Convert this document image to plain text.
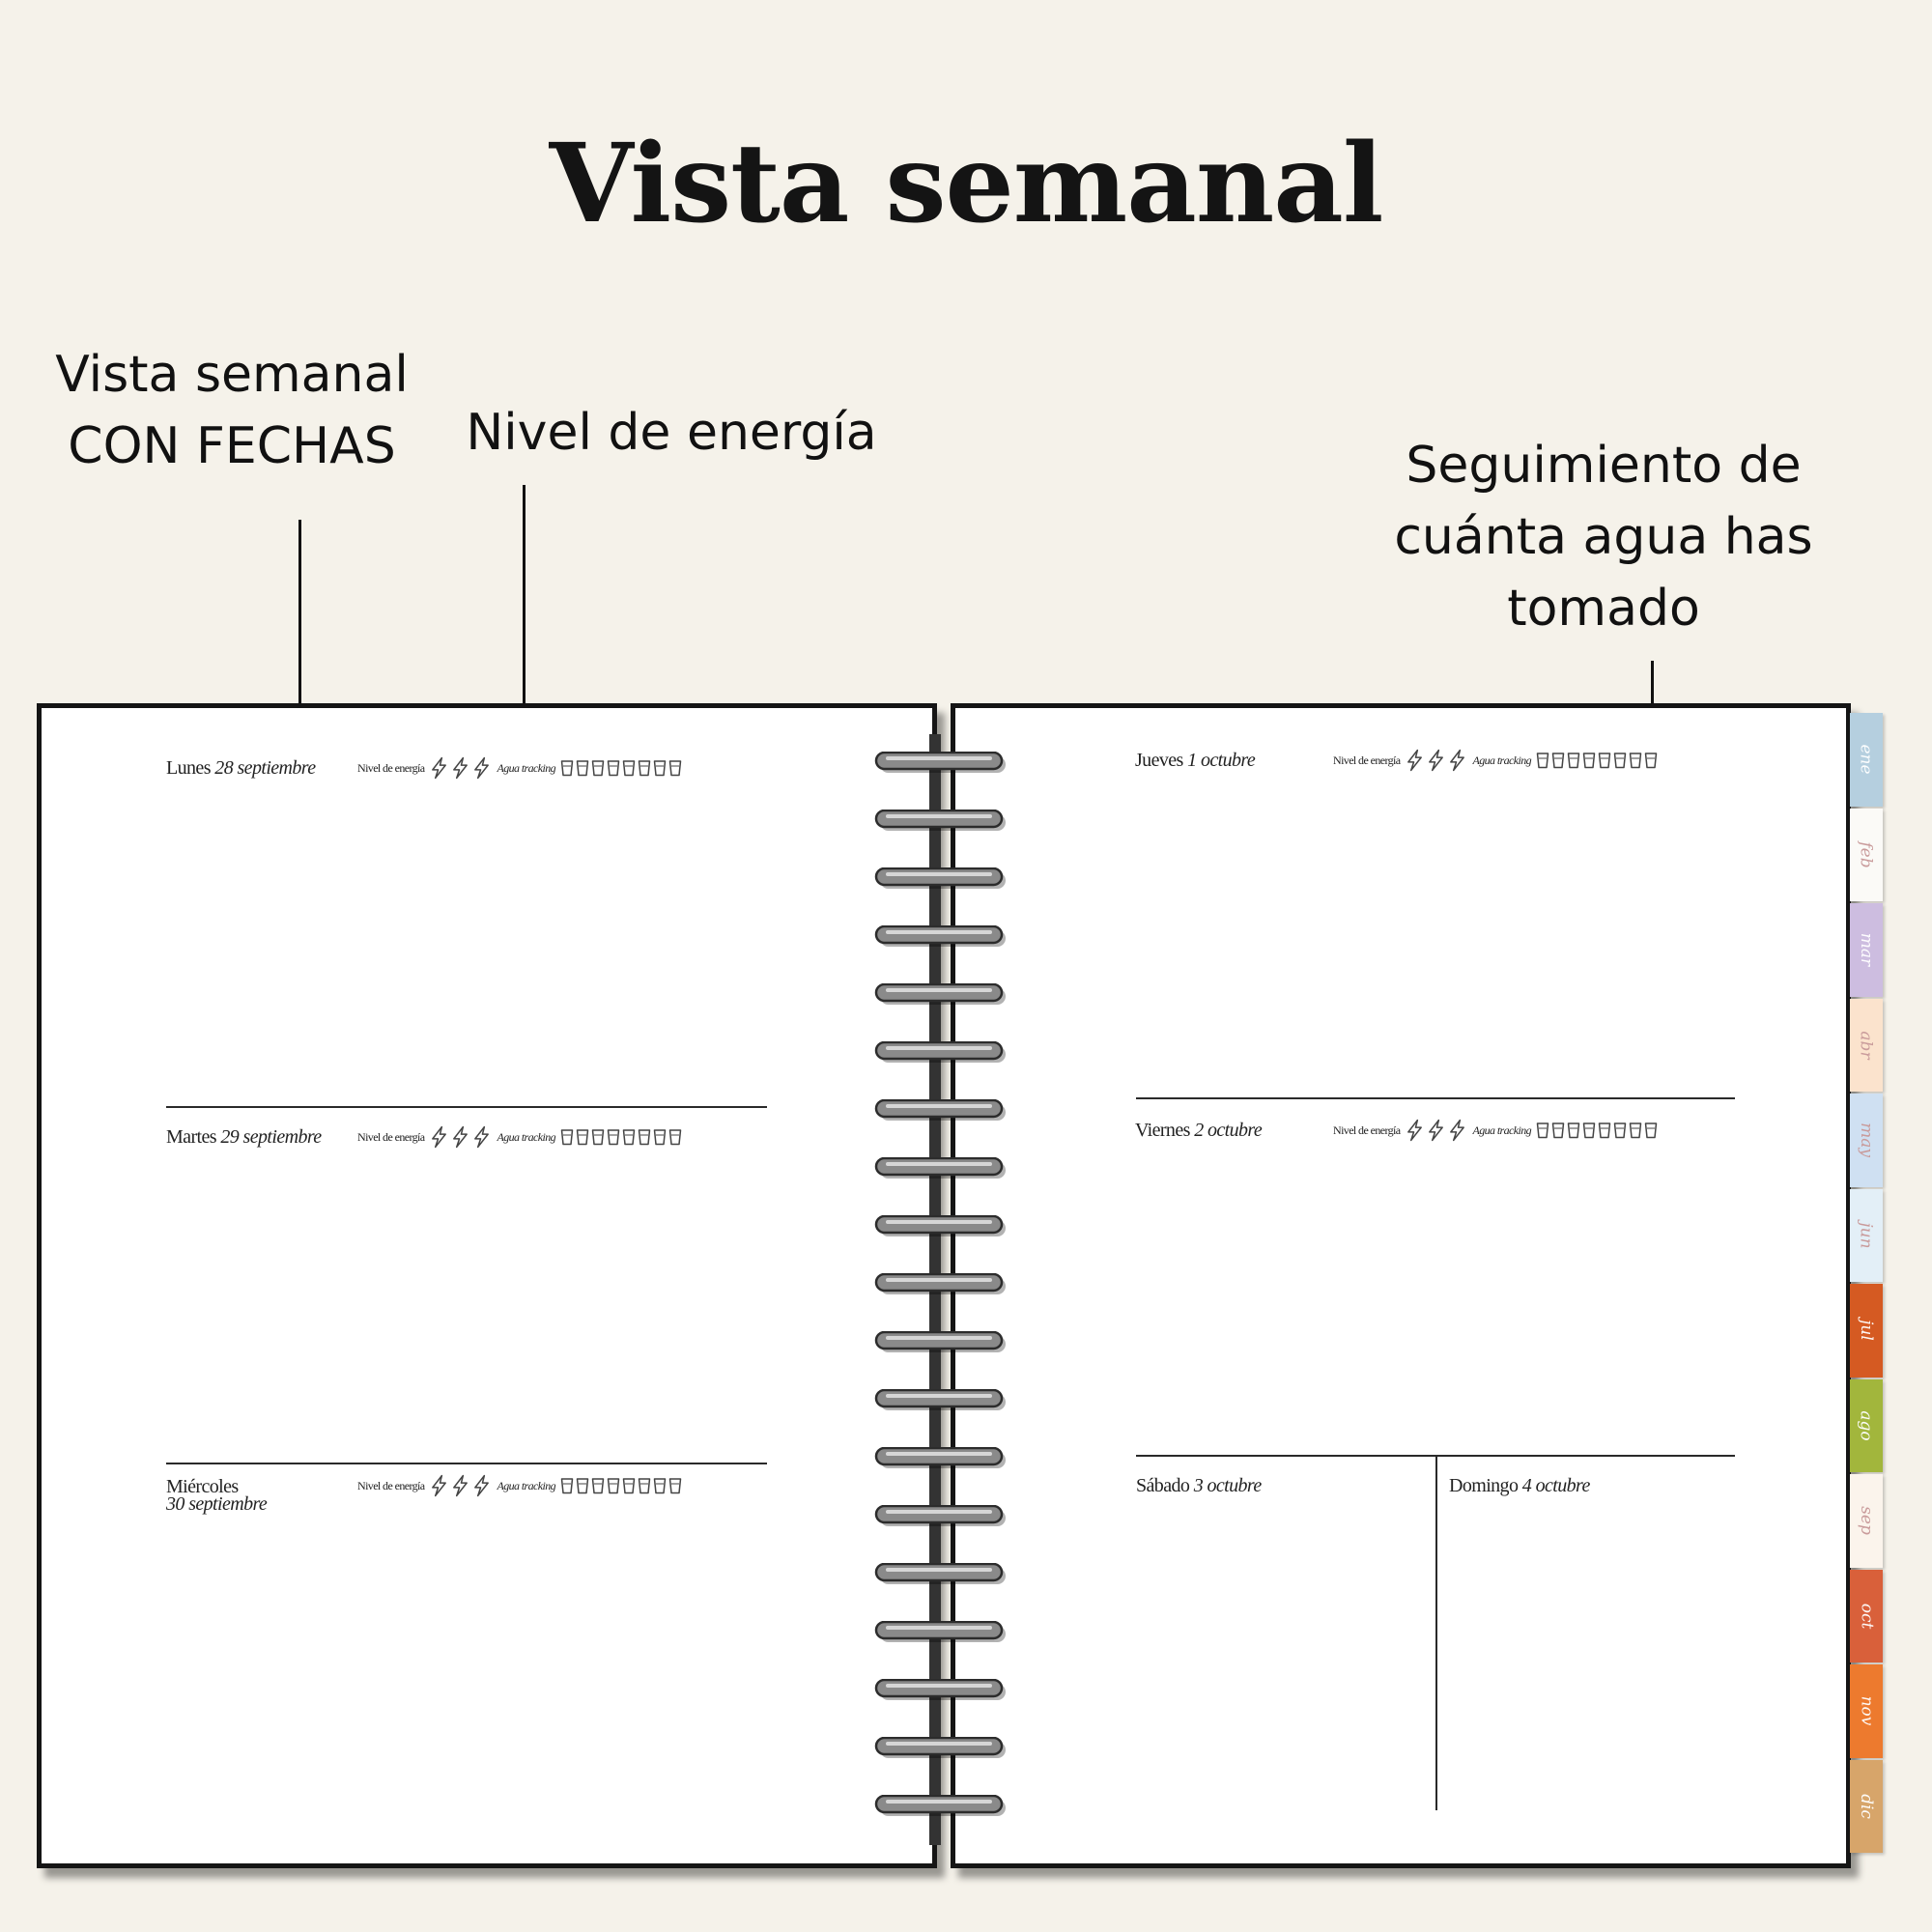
Vista semanal
Vista semanal
CON FECHAS	Nivel de energía
Seguimiento de
cuánta agua has
tomado
Lunes 28 septiembre	Nivel de energía	Agua tracking
Martes 29 septiembre	Nivel de energía	Agua tracking
Miércoles
30 septiembre
Nivel de energía	Agua tracking
Jueves 1 octubre	Nivel de energía	Agua tracking
Viernes 2 octubre	Nivel de energía	Agua tracking
Sábado 3 octubre	Domingo 4 octubre
ene
feb
mar
abr
may
jun
jul
ago
sep
oct
nov
dic
